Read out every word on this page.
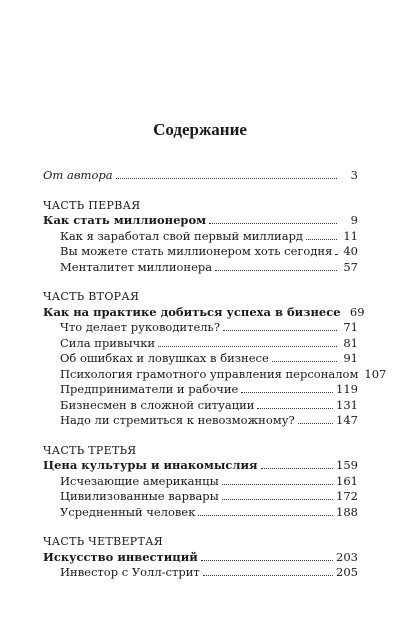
Содержание
От автора	3
ЧАСТЬ ПЕРВАЯ
Как стать миллионером	9
Как я заработал свой первый миллиард	11
Вы можете стать миллионером хоть сегодня 40
Менталитет миллионера	57
ЧАСТЬ ВТОРАЯ
Как на практике добиться успеха в бизнесе 69
Что делает руководитель?	71
Сила привычки	81
Об ошибках и ловушках в бизнесе	91
Психология грамотного управления персоналом 107
Предприниматели и рабочие	119
Бизнесмен в сложной ситуации	131
Надо ли стремиться к невозможному?	147
ЧАСТЬ ТРЕТЬЯ
Цена культуры и инакомыслия	159
Исчезающие американцы	161
Цивилизованные варвары	172
Усредненный человек	188
ЧАСТЬ ЧЕТВЕРТАЯ
Искусство инвестиций	203
Инвестор с Уолл-стрит	205
